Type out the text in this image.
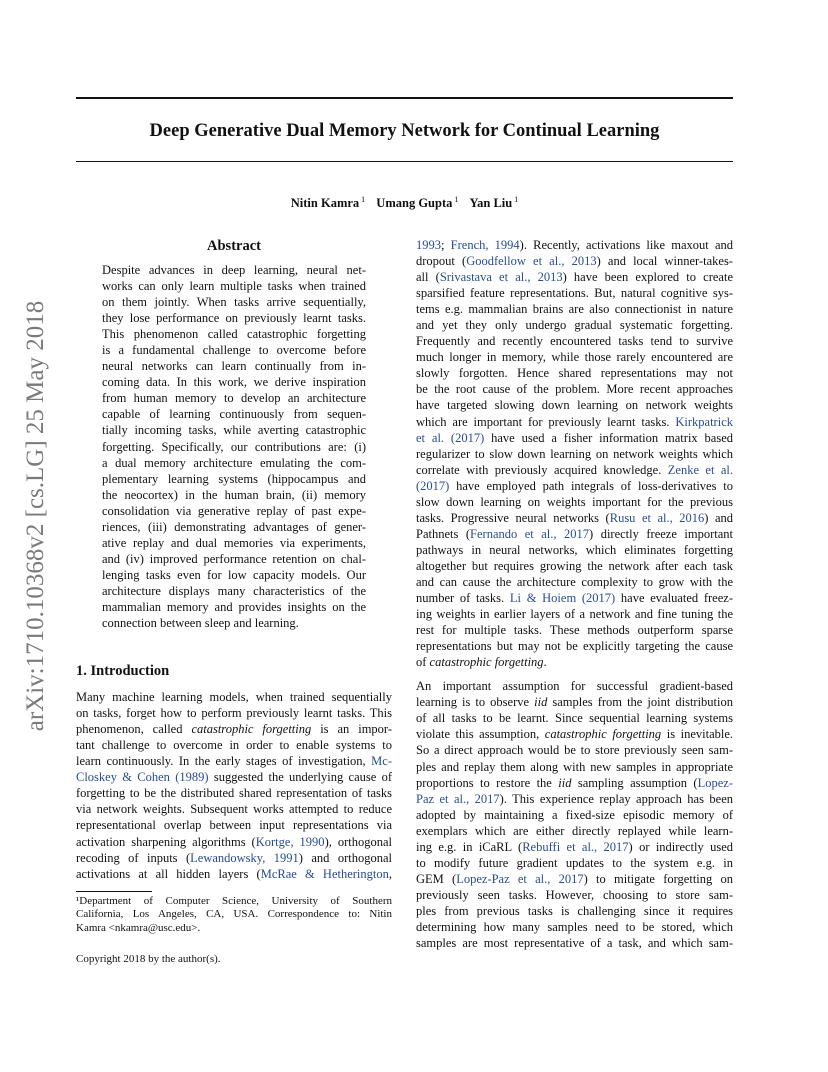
Deep Generative Dual Memory Network for Continual Learning
Nitin Kamra $^1$ Umang Gupta $^1$ Yan Liu $^1$
arXiv:1710.10368v2 [cs.LG] 25 May 2018
Abstract
Despite advances in deep learning, neural net-
works can only learn multiple tasks when trained
on them jointly. When tasks arrive sequentially,
they lose performance on previously learnt tasks.
This phenomenon called catastrophic forgetting
is a fundamental challenge to overcome before
neural networks can learn continually from in-
coming data. In this work, we derive inspiration
from human memory to develop an architecture
capable of learning continuously from sequen-
tially incoming tasks, while averting catastrophic
forgetting. Specifically, our contributions are: (i)
a dual memory architecture emulating the com-
plementary learning systems (hippocampus and
the neocortex) in the human brain, (ii) memory
consolidation via generative replay of past expe-
riences, (iii) demonstrating advantages of gener-
ative replay and dual memories via experiments,
and (iv) improved performance retention on chal-
lenging tasks even for low capacity models. Our
architecture displays many characteristics of the
mammalian memory and provides insights on the
connection between sleep and learning.
1. Introduction
Many machine learning models, when trained sequentially
on tasks, forget how to perform previously learnt tasks. This
phenomenon, called catastrophic forgetting is an impor-
tant challenge to overcome in order to enable systems to
learn continuously. In the early stages of investigation, Mc-
Closkey & Cohen (1989) suggested the underlying cause of
forgetting to be the distributed shared representation of tasks
via network weights. Subsequent works attempted to reduce
representational overlap between input representations via
activation sharpening algorithms (Kortge, 1990), orthogonal
recoding of inputs (Lewandowsky, 1991) and orthogonal
activations at all hidden layers (McRae & Hetherington,
¹Department of Computer Science, University of Southern
California, Los Angeles, CA, USA. Correspondence to: Nitin
Kamra <nkamra@usc.edu>.
Copyright 2018 by the author(s).
1993; French, 1994). Recently, activations like maxout and
dropout (Goodfellow et al., 2013) and local winner-takes-
all (Srivastava et al., 2013) have been explored to create
sparsified feature representations. But, natural cognitive sys-
tems e.g. mammalian brains are also connectionist in nature
and yet they only undergo gradual systematic forgetting.
Frequently and recently encountered tasks tend to survive
much longer in memory, while those rarely encountered are
slowly forgotten. Hence shared representations may not
be the root cause of the problem. More recent approaches
have targeted slowing down learning on network weights
which are important for previously learnt tasks. Kirkpatrick
et al. (2017) have used a fisher information matrix based
regularizer to slow down learning on network weights which
correlate with previously acquired knowledge. Zenke et al.
(2017) have employed path integrals of loss-derivatives to
slow down learning on weights important for the previous
tasks. Progressive neural networks (Rusu et al., 2016) and
Pathnets (Fernando et al., 2017) directly freeze important
pathways in neural networks, which eliminates forgetting
altogether but requires growing the network after each task
and can cause the architecture complexity to grow with the
number of tasks. Li & Hoiem (2017) have evaluated freez-
ing weights in earlier layers of a network and fine tuning the
rest for multiple tasks. These methods outperform sparse
representations but may not be explicitly targeting the cause
of catastrophic forgetting.
An important assumption for successful gradient-based
learning is to observe iid samples from the joint distribution
of all tasks to be learnt. Since sequential learning systems
violate this assumption, catastrophic forgetting is inevitable.
So a direct approach would be to store previously seen sam-
ples and replay them along with new samples in appropriate
proportions to restore the iid sampling assumption (Lopez-
Paz et al., 2017). This experience replay approach has been
adopted by maintaining a fixed-size episodic memory of
exemplars which are either directly replayed while learn-
ing e.g. in iCaRL (Rebuffi et al., 2017) or indirectly used
to modify future gradient updates to the system e.g. in
GEM (Lopez-Paz et al., 2017) to mitigate forgetting on
previously seen tasks. However, choosing to store sam-
ples from previous tasks is challenging since it requires
determining how many samples need to be stored, which
samples are most representative of a task, and which sam-
